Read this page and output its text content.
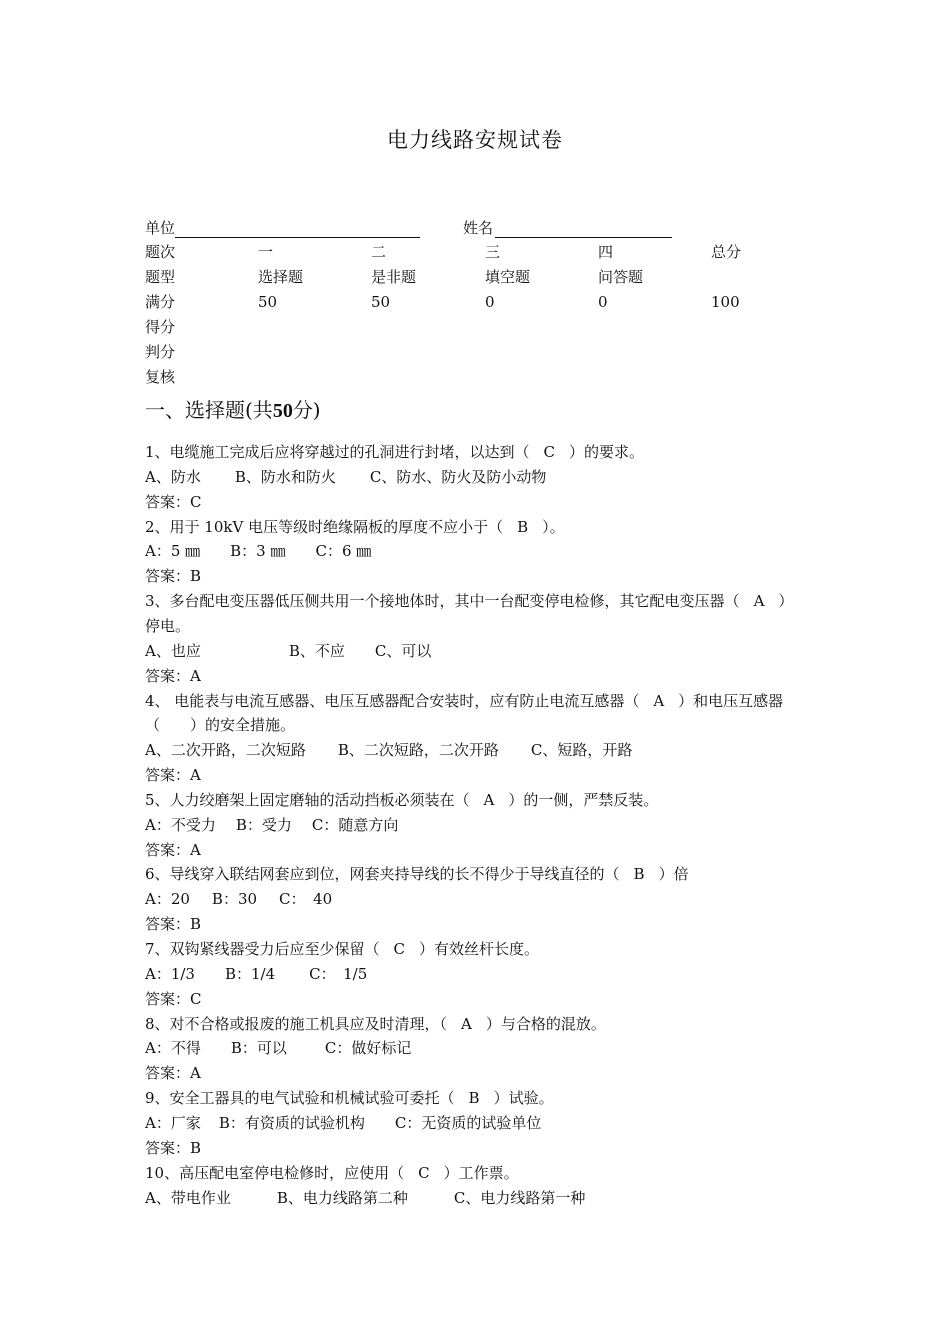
电力线路安规试卷
单位	姓名
题次	一	二	三	四	总分
题型	选择题	是非题	填空题	问答题
满分	50	50	0	0	100
得分
判分
复核
一、选择题(共50分)
1、电缆施工完成后应将穿越过的孔洞进行封堵，以达到（ C ）的要求。
A、防水 B、防水和防火 C、防水、防火及防小动物
答案：C
2、用于 10kV 电压等级时绝缘隔板的厚度不应小于（ B ）。
A：5 ㎜ B：3 ㎜ C：6 ㎜
答案：B
3、多台配电变压器低压侧共用一个接地体时，其中一台配变停电检修，其它配电变压器（ A ）
停电。
A、也应	B、不应 C、可以
答案：A
4、 电能表与电流互感器、电压互感器配合安装时，应有防止电流互感器（ A ）和电压互感器
（　　）的安全措施。
A、二次开路，二次短路 B、二次短路，二次开路 C、短路，开路
答案：A
5、人力绞磨架上固定磨轴的活动挡板必须装在（ A ）的一侧，严禁反装。
A：不受力 B：受力 C：随意方向
答案：A
6、导线穿入联结网套应到位，网套夹持导线的长不得少于导线直径的（ B ）倍
A：20 B：30 C：　40
答案：B
7、双钩紧线器受力后应至少保留（ C ）有效丝杆长度。
A：1/3 B：1/4 C：　1/5
答案：C
8、对不合格或报废的施工机具应及时清理，（ A ）与合格的混放。
A：不得 B：可以	C：做好标记
答案：A
9、安全工器具的电气试验和机械试验可委托（ B ）试验。
A：厂家 B：有资质的试验机构 C：无资质的试验单位
答案：B
10、高压配电室停电检修时，应使用（ C ）工作票。
A、带电作业	B、电力线路第二种	C、电力线路第一种
